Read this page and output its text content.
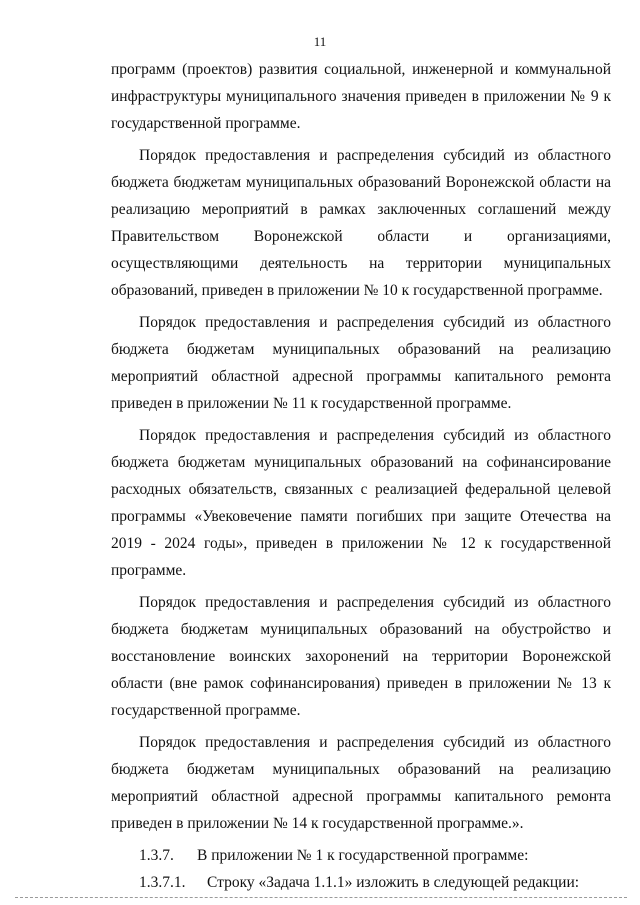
11

программ (проектов) развития социальной, инженерной и коммунальной инфраструктуры муниципального значения приведен в приложении № 9 к государственной программе.

Порядок предоставления и распределения субсидий из областного бюджета бюджетам муниципальных образований Воронежской области на реализацию мероприятий в рамках заключенных соглашений между Правительством Воронежской области и организациями, осуществляющими деятельность на территории муниципальных образований, приведен в приложении № 10 к государственной программе.

Порядок предоставления и распределения субсидий из областного бюджета бюджетам муниципальных образований на реализацию мероприятий областной адресной программы капитального ремонта приведен в приложении № 11 к государственной программе.

Порядок предоставления и распределения субсидий из областного бюджета бюджетам муниципальных образований на софинансирование расходных обязательств, связанных с реализацией федеральной целевой программы «Увековечение памяти погибших при защите Отечества на 2019 - 2024 годы», приведен в приложении № 12 к государственной программе.

Порядок предоставления и распределения субсидий из областного бюджета бюджетам муниципальных образований на обустройство и восстановление воинских захоронений на территории Воронежской области (вне рамок софинансирования) приведен в приложении № 13 к государственной программе.

Порядок предоставления и распределения субсидий из областного бюджета бюджетам муниципальных образований на реализацию мероприятий областной адресной программы капитального ремонта приведен в приложении № 14 к государственной программе.».

1.3.7.	В приложении № 1 к государственной программе:
1.3.7.1.	Строку «Задача 1.1.1» изложить в следующей редакции:
